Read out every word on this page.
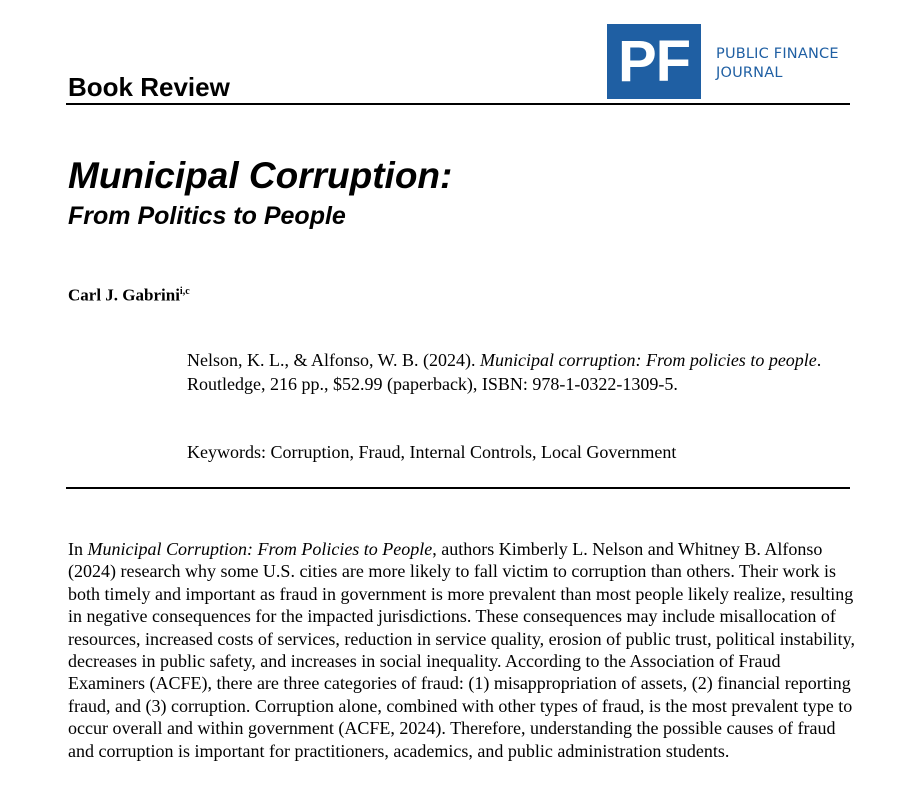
PF PUBLIC FINANCE
JOURNAL
Book Review
Municipal Corruption:
From Politics to People
Carl J. Gabrini$^{i,c}$

Nelson, K. L., & Alfonso, W. B. (2024). Municipal corruption: From policies to people. Routledge, 216 pp., $52.99 (paperback), ISBN: 978-1-0322-1309-5.

Keywords: Corruption, Fraud, Internal Controls, Local Government

In Municipal Corruption: From Policies to People, authors Kimberly L. Nelson and Whitney B. Alfonso (2024) research why some U.S. cities are more likely to fall victim to corruption than others. Their work is both timely and important as fraud in government is more prevalent than most people likely realize, resulting in negative consequences for the impacted jurisdictions. These consequences may include misallocation of resources, increased costs of services, reduction in service quality, erosion of public trust, political instability, decreases in public safety, and increases in social inequality. According to the Association of Fraud Examiners (ACFE), there are three categories of fraud: (1) misappropriation of assets, (2) financial reporting fraud, and (3) corruption. Corruption alone, combined with other types of fraud, is the most prevalent type to occur overall and within government (ACFE, 2024). Therefore, understanding the possible causes of fraud and corruption is important for practitioners, academics, and public administration students.
